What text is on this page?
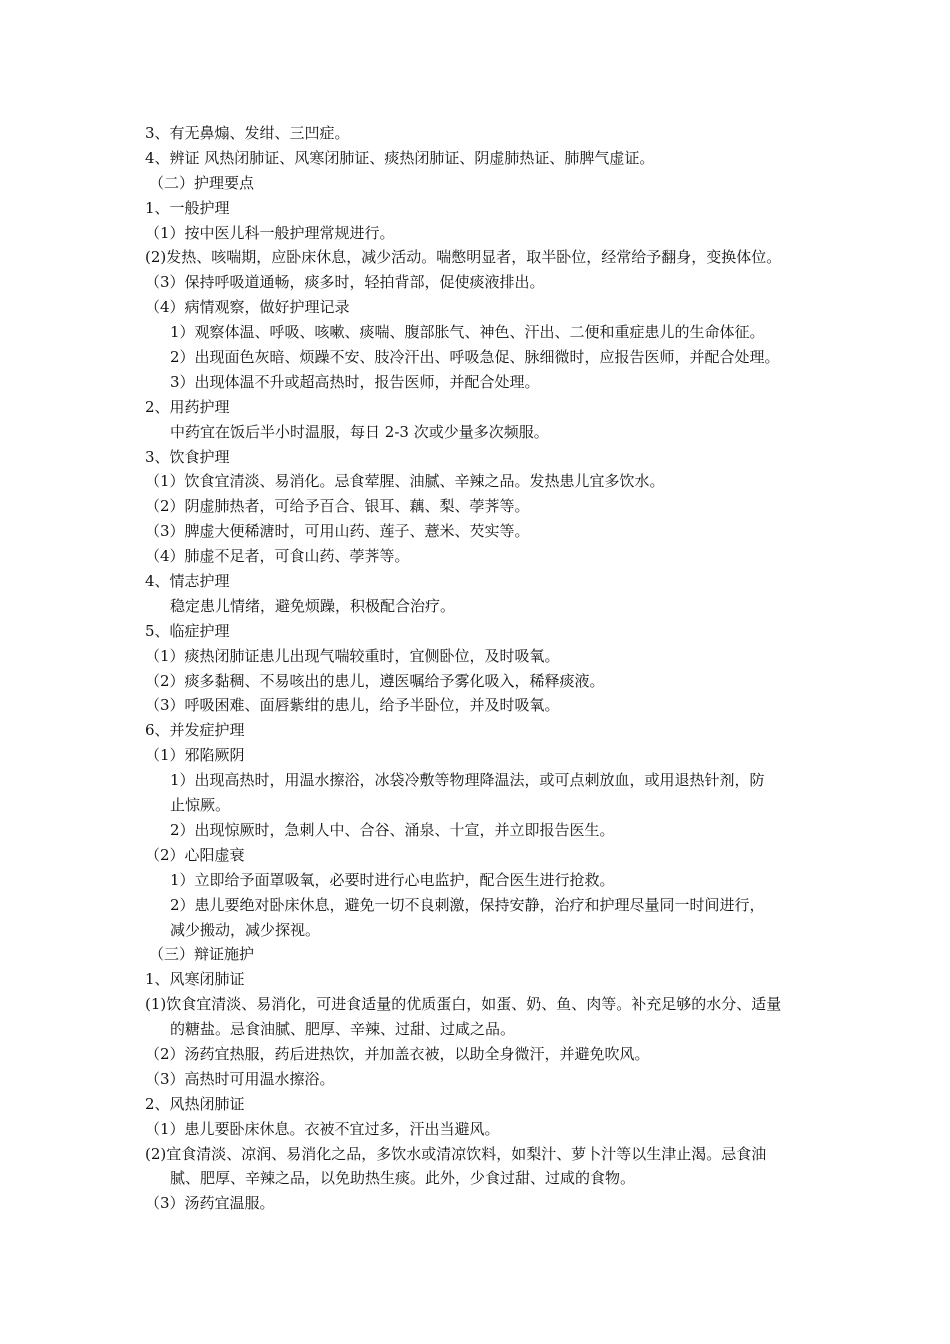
3、有无鼻煽、发绀、三凹症。
4、辨证 风热闭肺证、风寒闭肺证、痰热闭肺证、阴虚肺热证、肺脾气虚证。
（二）护理要点
1、一般护理
（1）按中医儿科一般护理常规进行。
(2)发热、咳喘期，应卧床休息，减少活动。喘憋明显者，取半卧位，经常给予翻身，变换体位。
（3）保持呼吸道通畅，痰多时，轻拍背部，促使痰液排出。
（4）病情观察，做好护理记录
1）观察体温、呼吸、咳嗽、痰喘、腹部胀气、神色、汗出、二便和重症患儿的生命体征。
2）出现面色灰暗、烦躁不安、肢冷汗出、呼吸急促、脉细微时，应报告医师，并配合处理。
3）出现体温不升或超高热时，报告医师，并配合处理。
2、用药护理
中药宜在饭后半小时温服，每日 2-3 次或少量多次频服。
3、饮食护理
（1）饮食宜清淡、易消化。忌食荤腥、油腻、辛辣之品。发热患儿宜多饮水。
（2）阴虚肺热者，可给予百合、银耳、藕、梨、荸荠等。
（3）脾虚大便稀溏时，可用山药、莲子、薏米、芡实等。
（4）肺虚不足者，可食山药、荸荠等。
4、情志护理
稳定患儿情绪，避免烦躁，积极配合治疗。
5、临症护理
（1）痰热闭肺证患儿出现气喘较重时，宜侧卧位，及时吸氧。
（2）痰多黏稠、不易咳出的患儿，遵医嘱给予雾化吸入，稀释痰液。
（3）呼吸困难、面唇紫绀的患儿，给予半卧位，并及时吸氧。
6、并发症护理
（1）邪陷厥阴
1）出现高热时，用温水擦浴，冰袋冷敷等物理降温法，或可点刺放血，或用退热针剂，防
止惊厥。
2）出现惊厥时，急刺人中、合谷、涌泉、十宣，并立即报告医生。
（2）心阳虚衰
1）立即给予面罩吸氧，必要时进行心电监护，配合医生进行抢救。
2）患儿要绝对卧床休息，避免一切不良刺激，保持安静，治疗和护理尽量同一时间进行，
减少搬动，减少探视。
（三）辩证施护
1、风寒闭肺证
(1)饮食宜清淡、易消化，可进食适量的优质蛋白，如蛋、奶、鱼、肉等。补充足够的水分、适量
的糖盐。忌食油腻、肥厚、辛辣、过甜、过咸之品。
（2）汤药宜热服，药后进热饮，并加盖衣被，以助全身微汗，并避免吹风。
（3）高热时可用温水擦浴。
2、风热闭肺证
（1）患儿要卧床休息。衣被不宜过多，汗出当避风。
(2)宜食清淡、凉润、易消化之品，多饮水或清凉饮料，如梨汁、萝卜汁等以生津止渴。忌食油
腻、肥厚、辛辣之品，以免助热生痰。此外，少食过甜、过咸的食物。
（3）汤药宜温服。
